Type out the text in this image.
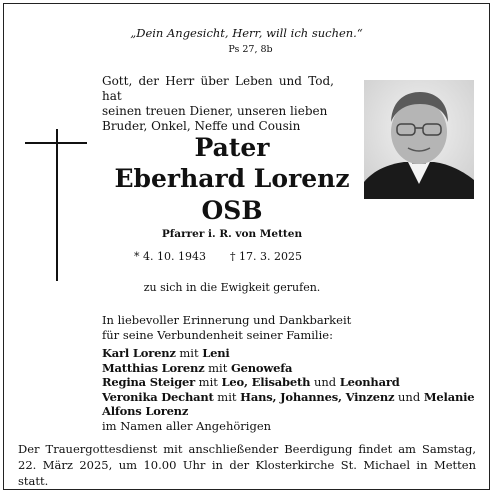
„Dein Angesicht, Herr, will ich suchen.“

Ps 27, 8b

Gott, der Herr über Leben und Tod, hat
seinen treuen Diener, unseren lieben
Bruder, Onkel, Neffe und Cousin

Pater

Eberhard Lorenz

OSB

Pfarrer i. R. von Metten

* 4. 10. 1943 † 17. 3. 2025

zu sich in die Ewigkeit gerufen.

In liebevoller Erinnerung und Dankbarkeit
für seine Verbundenheit seiner Familie:
Karl Lorenz mit Leni
Matthias Lorenz mit Genowefa
Regina Steiger mit Leo, Elisabeth und Leonhard
Veronika Dechant mit Hans, Johannes, Vinzenz und Melanie
Alfons Lorenz
im Namen aller Angehörigen
Der Trauergottesdienst mit anschließender Beerdigung findet am Samstag,
22. März 2025, um 10.00 Uhr in der Klosterkirche St. Michael in Metten statt.
